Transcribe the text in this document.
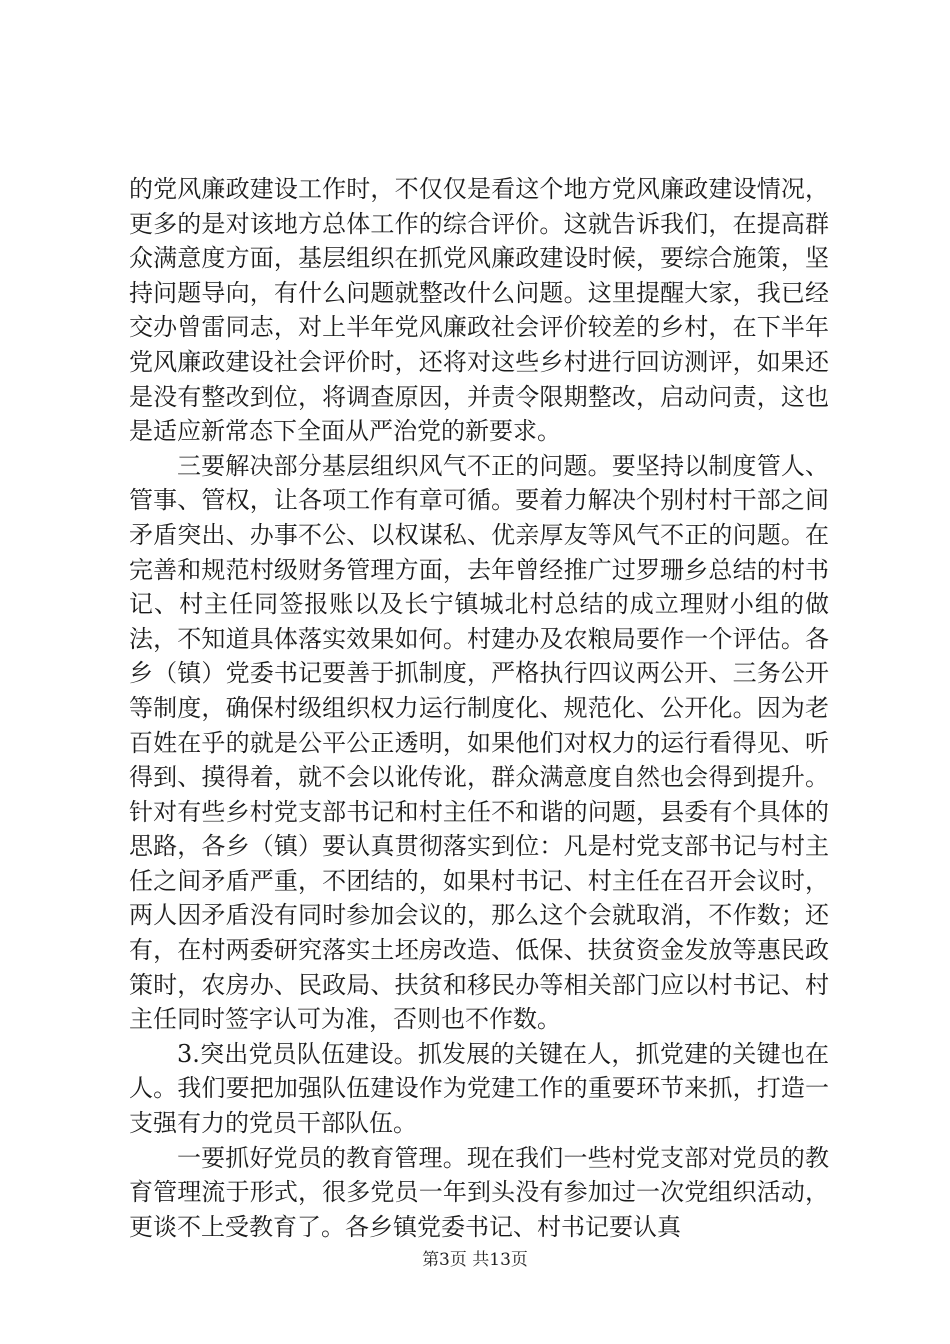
的党风廉政建设工作时，不仅仅是看这个地方党风廉政建设情况，更多的是对该地方总体工作的综合评价。这就告诉我们，在提高群众满意度方面，基层组织在抓党风廉政建设时候，要综合施策，坚持问题导向，有什么问题就整改什么问题。这里提醒大家，我已经交办曾雷同志，对上半年党风廉政社会评价较差的乡村，在下半年党风廉政建设社会评价时，还将对这些乡村进行回访测评，如果还是没有整改到位，将调查原因，并责令限期整改，启动问责，这也是适应新常态下全面从严治党的新要求。

三要解决部分基层组织风气不正的问题。要坚持以制度管人、管事、管权，让各项工作有章可循。要着力解决个别村村干部之间矛盾突出、办事不公、以权谋私、优亲厚友等风气不正的问题。在完善和规范村级财务管理方面，去年曾经推广过罗珊乡总结的村书记、村主任同签报账以及长宁镇城北村总结的成立理财小组的做法，不知道具体落实效果如何。村建办及农粮局要作一个评估。各乡（镇）党委书记要善于抓制度，严格执行四议两公开、三务公开等制度，确保村级组织权力运行制度化、规范化、公开化。因为老百姓在乎的就是公平公正透明，如果他们对权力的运行看得见、听得到、摸得着，就不会以讹传讹，群众满意度自然也会得到提升。针对有些乡村党支部书记和村主任不和谐的问题，县委有个具体的思路，各乡（镇）要认真贯彻落实到位：凡是村党支部书记与村主任之间矛盾严重，不团结的，如果村书记、村主任在召开会议时，两人因矛盾没有同时参加会议的，那么这个会就取消，不作数；还有，在村两委研究落实土坯房改造、低保、扶贫资金发放等惠民政策时，农房办、民政局、扶贫和移民办等相关部门应以村书记、村主任同时签字认可为准，否则也不作数。

3.突出党员队伍建设。抓发展的关键在人，抓党建的关键也在人。我们要把加强队伍建设作为党建工作的重要环节来抓，打造一支强有力的党员干部队伍。

一要抓好党员的教育管理。现在我们一些村党支部对党员的教育管理流于形式，很多党员一年到头没有参加过一次党组织活动，更谈不上受教育了。各乡镇党委书记、村书记要认真

第3页 共13页
